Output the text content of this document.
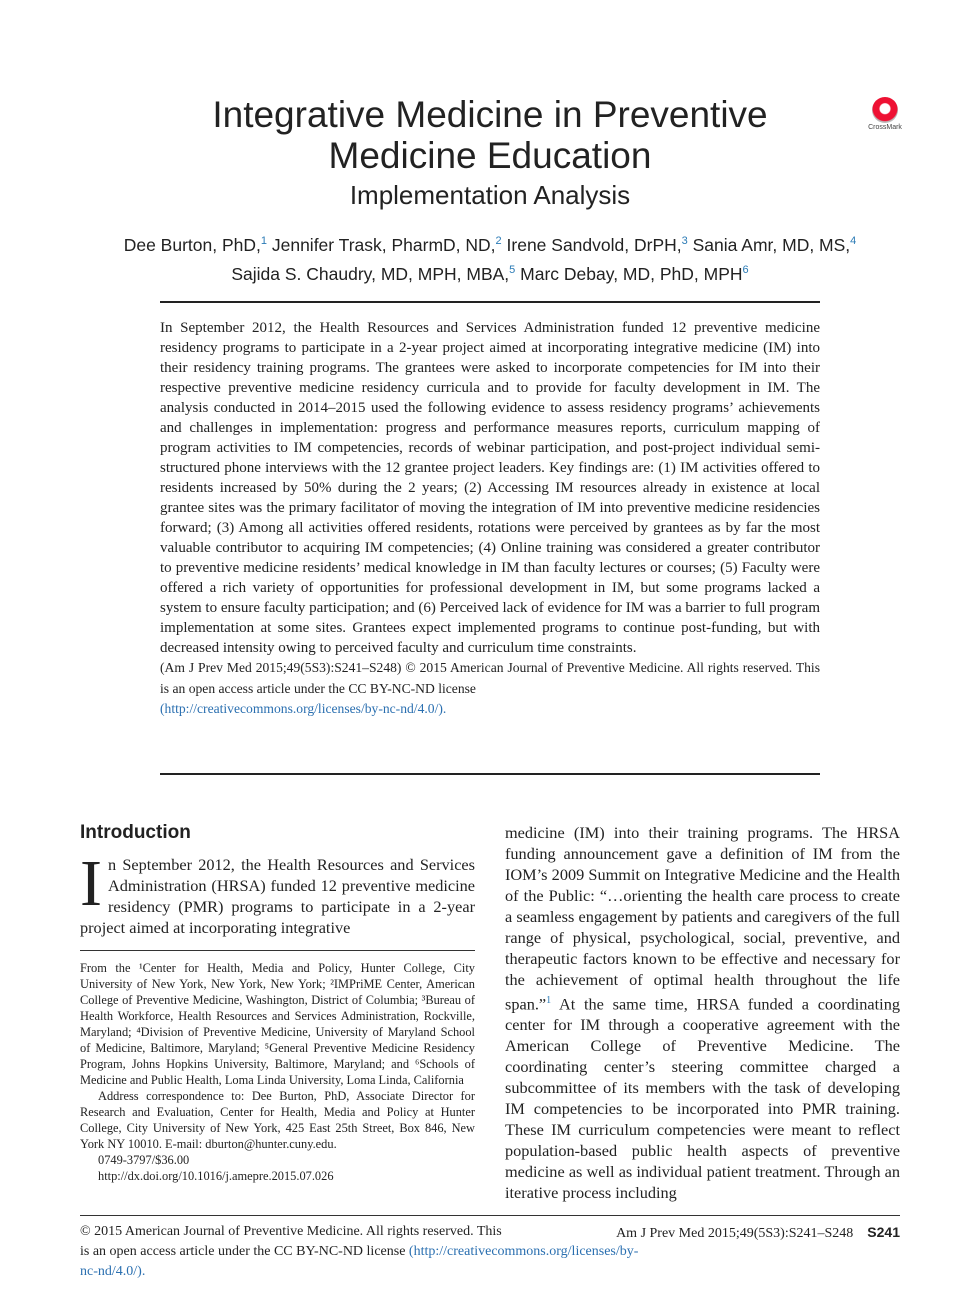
Integrative Medicine in Preventive
Medicine Education
Implementation Analysis
CrossMark
Dee Burton, PhD,$^1$ Jennifer Trask, PharmD, ND,$^2$ Irene Sandvold, DrPH,$^3$ Sania Amr, MD, MS,$^4$
Sajida S. Chaudry, MD, MPH, MBA,$^5$ Marc Debay, MD, PhD, MPH$^6$

In September 2012, the Health Resources and Services Administration funded 12 preventive medicine residency programs to participate in a 2-year project aimed at incorporating integrative medicine (IM) into their residency training programs. The grantees were asked to incorporate competencies for IM into their respective preventive medicine residency curricula and to provide for faculty development in IM. The analysis conducted in 2014–2015 used the following evidence to assess residency programs’ achievements and challenges in implementation: progress and performance measures reports, curriculum mapping of program activities to IM competencies, records of webinar participation, and post-project individual semi-structured phone interviews with the 12 grantee project leaders. Key findings are: (1) IM activities offered to residents increased by 50% during the 2 years; (2) Accessing IM resources already in existence at local grantee sites was the primary facilitator of moving the integration of IM into preventive medicine residencies forward; (3) Among all activities offered residents, rotations were perceived by grantees as by far the most valuable contributor to acquiring IM competencies; (4) Online training was considered a greater contributor to preventive medicine residents’ medical knowledge in IM than faculty lectures or courses; (5) Faculty were offered a rich variety of opportunities for professional development in IM, but some programs lacked a system to ensure faculty participation; and (6) Perceived lack of evidence for IM was a barrier to full program implementation at some sites. Grantees expect implemented programs to continue post-funding, but with decreased intensity owing to perceived faculty and curriculum time constraints.

(Am J Prev Med 2015;49(5S3):S241–S248) © 2015 American Journal of Preventive Medicine. All rights reserved. This is an open access article under the CC BY-NC-ND license
(http://creativecommons.org/licenses/by-nc-nd/4.0/).

Introduction

In September 2012, the Health Resources and Services Administration (HRSA) funded 12 preventive medicine residency (PMR) programs to participate in a 2-year project aimed at incorporating integrative

From the ¹Center for Health, Media and Policy, Hunter College, City University of New York, New York, New York; ²IMPriME Center, American College of Preventive Medicine, Washington, District of Columbia; ³Bureau of Health Workforce, Health Resources and Services Administration, Rockville, Maryland; ⁴Division of Preventive Medicine, University of Maryland School of Medicine, Baltimore, Maryland; ⁵General Preventive Medicine Residency Program, Johns Hopkins University, Baltimore, Maryland; and ⁶Schools of Medicine and Public Health, Loma Linda University, Loma Linda, California

Address correspondence to: Dee Burton, PhD, Associate Director for Research and Evaluation, Center for Health, Media and Policy at Hunter College, City University of New York, 425 East 25th Street, Box 846, New York NY 10010. E-mail: dburton@hunter.cuny.edu.

0749-3797/$36.00

http://dx.doi.org/10.1016/j.amepre.2015.07.026

medicine (IM) into their training programs. The HRSA funding announcement gave a definition of IM from the IOM’s 2009 Summit on Integrative Medicine and the Health of the Public: “…orienting the health care process to create a seamless engagement by patients and caregivers of the full range of physical, psychological, social, preventive, and therapeutic factors known to be effective and necessary for the achievement of optimal health throughout the life span.”$^1$ At the same time, HRSA funded a coordinating center for IM through a cooperative agreement with the American College of Preventive Medicine. The coordinating center’s steering committee charged a subcommittee of its members with the task of developing IM competencies to be incorporated into PMR training. These IM curriculum competencies were meant to reflect population-based public health aspects of preventive medicine as well as individual patient treatment. Through an iterative process including

© 2015 American Journal of Preventive Medicine. All rights reserved. This
is an open access article under the CC BY-NC-ND license (http://creativecommons.org/licenses/by-nc-nd/4.0/).
Am J Prev Med 2015;49(5S3):S241–S248 S241
